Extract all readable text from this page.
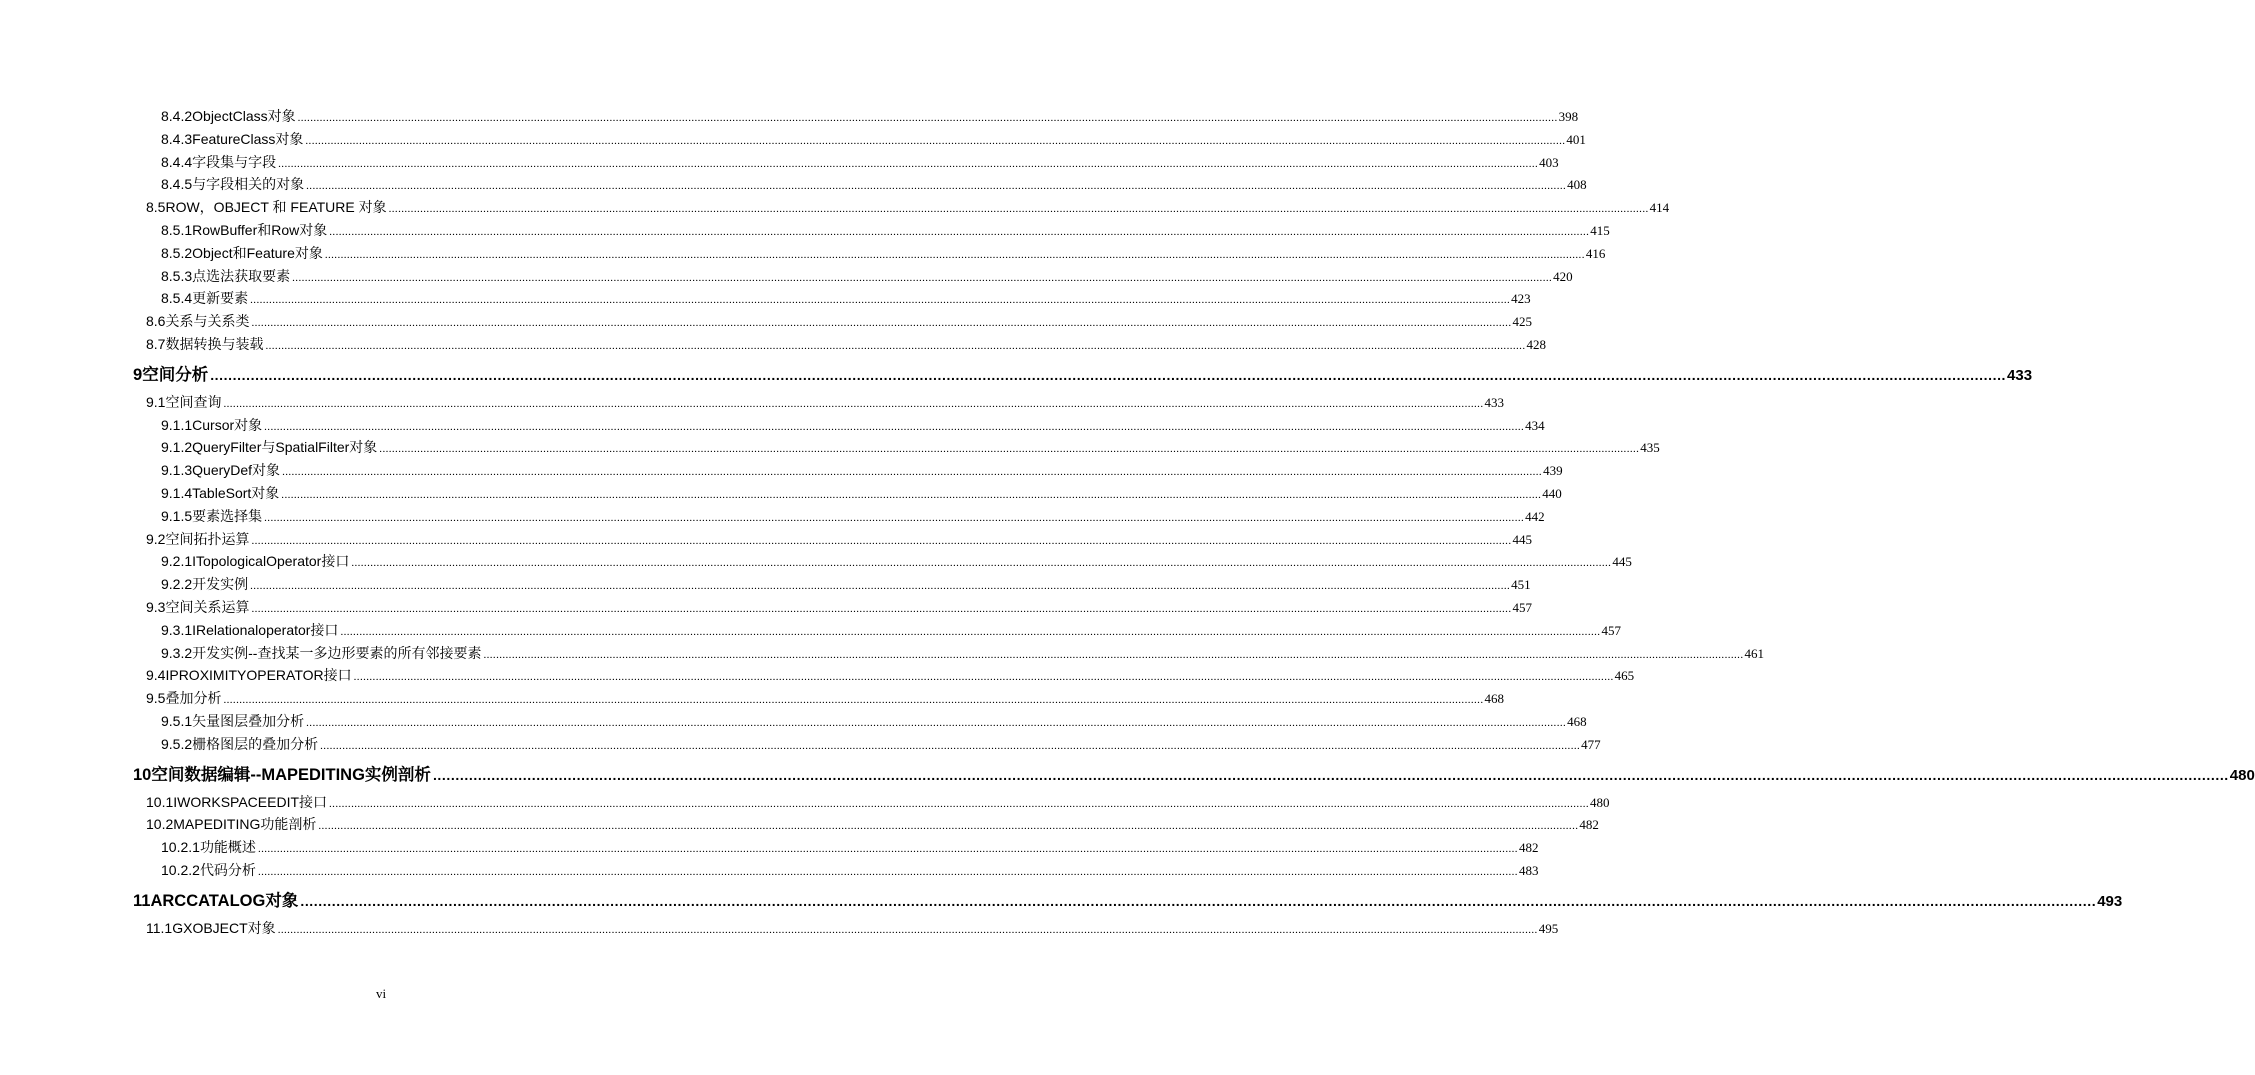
8.4.2 ObjectClass对象 ................................................................................................................................................................................................................................................................................................................................................................................................................ 398
8.4.3 FeatureClass对象 ................................................................................................................................................................................................................................................................................................................................................................................................................ 401
8.4.4 字段集与字段 ................................................................................................................................................................................................................................................................................................................................................................................................................ 403
8.4.5 与字段相关的对象 ................................................................................................................................................................................................................................................................................................................................................................................................................ 408
8.5 ROW，OBJECT 和 FEATURE 对象 ................................................................................................................................................................................................................................................................................................................................................................................................................ 414
8.5.1 RowBuffer和Row对象 ................................................................................................................................................................................................................................................................................................................................................................................................................ 415
8.5.2 Object和Feature对象 ................................................................................................................................................................................................................................................................................................................................................................................................................ 416
8.5.3 点选法获取要素 ................................................................................................................................................................................................................................................................................................................................................................................................................ 420
8.5.4 更新要素 ................................................................................................................................................................................................................................................................................................................................................................................................................ 423
8.6 关系与关系类 ................................................................................................................................................................................................................................................................................................................................................................................................................ 425
8.7 数据转换与装载 ................................................................................................................................................................................................................................................................................................................................................................................................................ 428
9 空间分析 ................................................................................................................................................................................................................................................................................................................................................................................................................ 433
9.1 空间查询 ................................................................................................................................................................................................................................................................................................................................................................................................................ 433
9.1.1 Cursor对象 ................................................................................................................................................................................................................................................................................................................................................................................................................ 434
9.1.2 QueryFilter与SpatialFilter对象 ................................................................................................................................................................................................................................................................................................................................................................................................................ 435
9.1.3 QueryDef对象 ................................................................................................................................................................................................................................................................................................................................................................................................................ 439
9.1.4 TableSort对象 ................................................................................................................................................................................................................................................................................................................................................................................................................ 440
9.1.5 要素选择集 ................................................................................................................................................................................................................................................................................................................................................................................................................ 442
9.2 空间拓扑运算 ................................................................................................................................................................................................................................................................................................................................................................................................................ 445
9.2.1 ITopologicalOperator接口 ................................................................................................................................................................................................................................................................................................................................................................................................................ 445
9.2.2 开发实例 ................................................................................................................................................................................................................................................................................................................................................................................................................ 451
9.3 空间关系运算 ................................................................................................................................................................................................................................................................................................................................................................................................................ 457
9.3.1 IRelationaloperator接口 ................................................................................................................................................................................................................................................................................................................................................................................................................ 457
9.3.2 开发实例--查找某一多边形要素的所有邻接要素 ................................................................................................................................................................................................................................................................................................................................................................................................................ 461
9.4 IPROXIMITYOPERATOR接口 ................................................................................................................................................................................................................................................................................................................................................................................................................ 465
9.5 叠加分析 ................................................................................................................................................................................................................................................................................................................................................................................................................ 468
9.5.1 矢量图层叠加分析 ................................................................................................................................................................................................................................................................................................................................................................................................................ 468
9.5.2 栅格图层的叠加分析 ................................................................................................................................................................................................................................................................................................................................................................................................................ 477
10 空间数据编辑--MAPEDITING实例剖析 ................................................................................................................................................................................................................................................................................................................................................................................................................ 480
10.1 IWORKSPACEEDIT接口 ................................................................................................................................................................................................................................................................................................................................................................................................................ 480
10.2 MAPEDITING功能剖析 ................................................................................................................................................................................................................................................................................................................................................................................................................ 482
10.2.1 功能概述 ................................................................................................................................................................................................................................................................................................................................................................................................................ 482
10.2.2 代码分析 ................................................................................................................................................................................................................................................................................................................................................................................................................ 483
11 ARCCATALOG对象 ................................................................................................................................................................................................................................................................................................................................................................................................................ 493
11.1 GXOBJECT对象 ................................................................................................................................................................................................................................................................................................................................................................................................................ 495
vi
